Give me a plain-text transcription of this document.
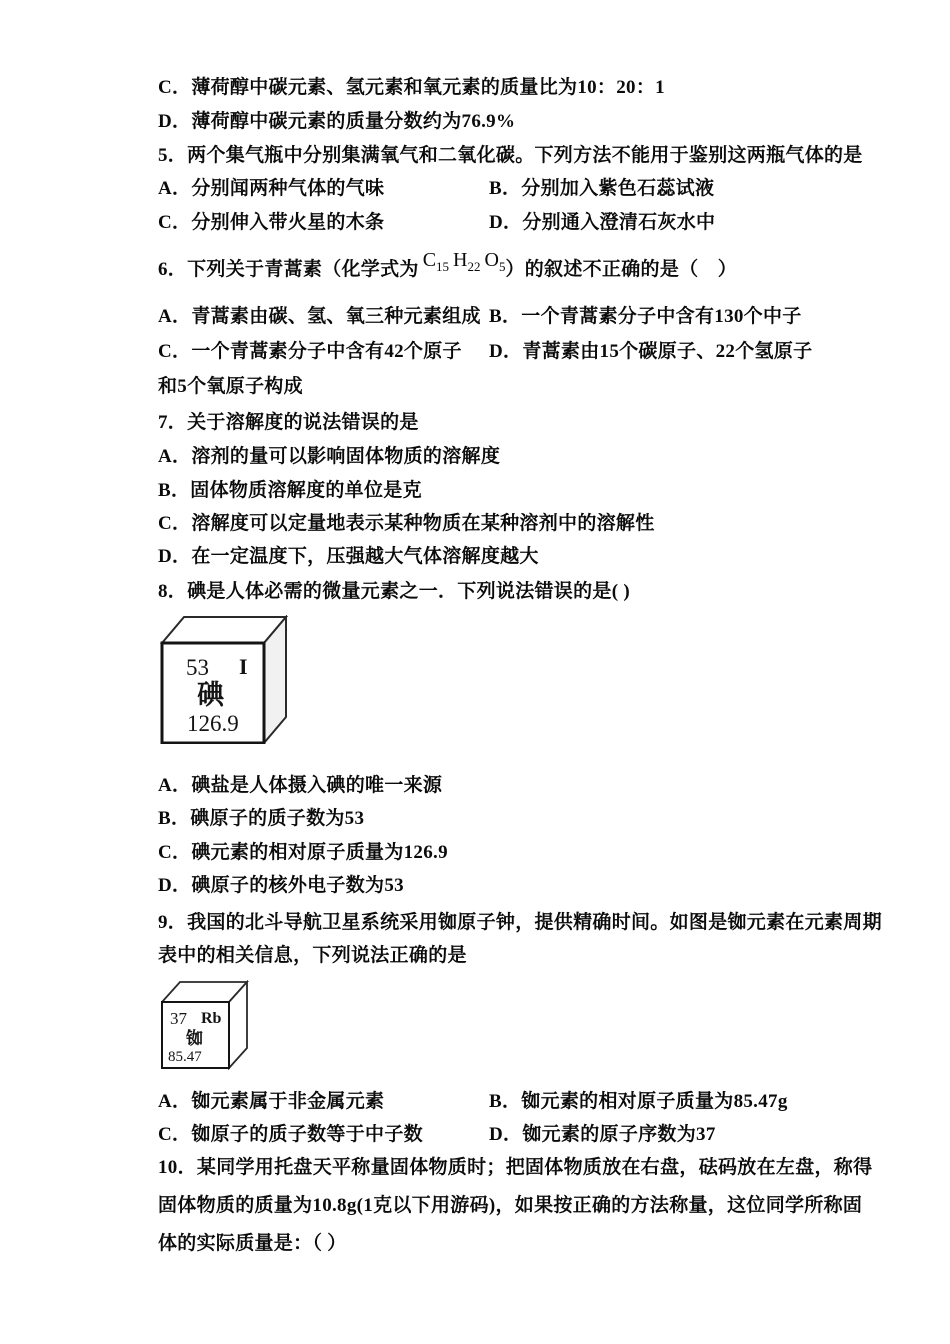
C．薄荷醇中碳元素、氢元素和氧元素的质量比为10：20：1
D．薄荷醇中碳元素的质量分数约为76.9%
5．两个集气瓶中分别集满氧气和二氧化碳。下列方法不能用于鉴别这两瓶气体的是
A．分别闻两种气体的气味	B．分别加入紫色石蕊试液
C．分别伸入带火星的木条	D．分别通入澄清石灰水中
6．下列关于青蒿素（化学式为 $C_{15}$ $H_{22}$ $O_5$）的叙述不正确的是（　）
A．青蒿素由碳、氢、氧三种元素组成 B．一个青蒿素分子中含有130个中子
C．一个青蒿素分子中含有42个原子 D．青蒿素由15个碳原子、22个氢原子
和5个氧原子构成
7．关于溶解度的说法错误的是
A．溶剂的量可以影响固体物质的溶解度
B．固体物质溶解度的单位是克
C．溶解度可以定量地表示某种物质在某种溶剂中的溶解性
D．在一定温度下，压强越大气体溶解度越大
8．碘是人体必需的微量元素之一．下列说法错误的是( )
53 I
碘
126.9
A．碘盐是人体摄入碘的唯一来源
B．碘原子的质子数为53
C．碘元素的相对原子质量为126.9
D．碘原子的核外电子数为53
9．我国的北斗导航卫星系统采用铷原子钟，提供精确时间。如图是铷元素在元素周期
表中的相关信息，下列说法正确的是
37 Rb
铷
85.47
A．铷元素属于非金属元素	B．铷元素的相对原子质量为85.47g
C．铷原子的质子数等于中子数	D．铷元素的原子序数为37
10．某同学用托盘天平称量固体物质时；把固体物质放在右盘，砝码放在左盘，称得
固体物质的质量为10.8g(1克以下用游码)，如果按正确的方法称量，这位同学所称固
体的实际质量是：（ ）
